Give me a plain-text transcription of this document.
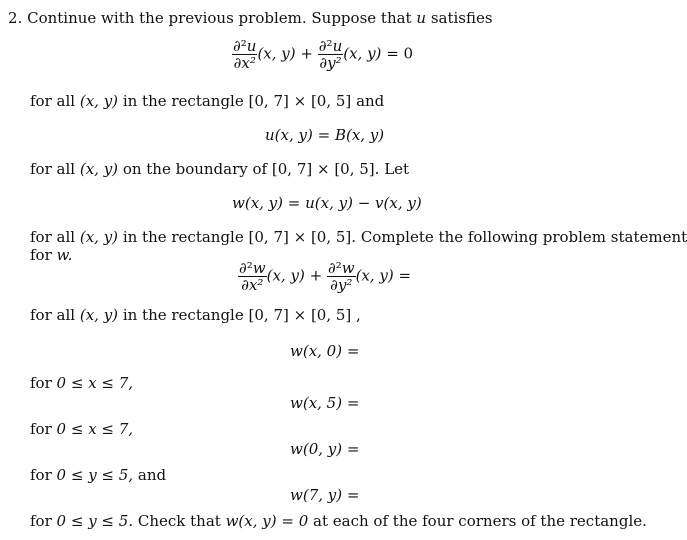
2. Continue with the previous problem. Suppose that u satisfies
$\frac{\text{∂²u}}{\text{∂x²}} (x$, $y) + \frac{\text{∂²u}}{\text{∂y²}} (x$, y) = 0
for all (x, y) in the rectangle [0, 7] × [0, 5] and
u(x, y) = B(x, y)
for all (x, y) on the boundary of [0, 7] × [0, 5]. Let
w(x, y) = u(x, y) − v(x, y)
for all (x, y) in the rectangle [0, 7] × [0, 5]. Complete the following problem statement
for w.
$\frac{\text{∂²w}}{\text{∂x²}} (x$, $y) + \frac{\text{∂²w}}{\text{∂y²}} (x$, y) =
for all (x, y) in the rectangle [0, 7] × [0, 5] ,
w(x, 0) =
for 0 ≤ x ≤ 7,
w(x, 5) =
for 0 ≤ x ≤ 7,
w(0, y) =
for 0 ≤ y ≤ 5, and
w(7, y) =
for 0 ≤ y ≤ 5. Check that w(x, y) = 0 at each of the four corners of the rectangle.
